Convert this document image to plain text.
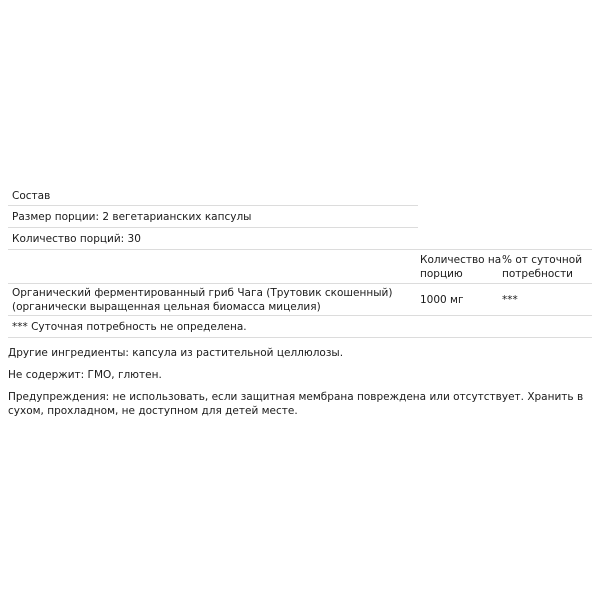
Состав
Размер порции: 2 вегетарианских капсулы
Количество порций: 30
Количество на порцию
% от суточной потребности
Органический ферментированный гриб Чага (Трутовик скошенный) (органически выращенная цельная биомасса мицелия)
1000 мг	***
*** Суточная потребность не определена.
Другие ингредиенты: капсула из растительной целлюлозы.
Не содержит: ГМО, глютен.
Предупреждения: не использовать, если защитная мембрана повреждена или отсутствует. Хранить в сухом, прохладном, не доступном для детей месте.
